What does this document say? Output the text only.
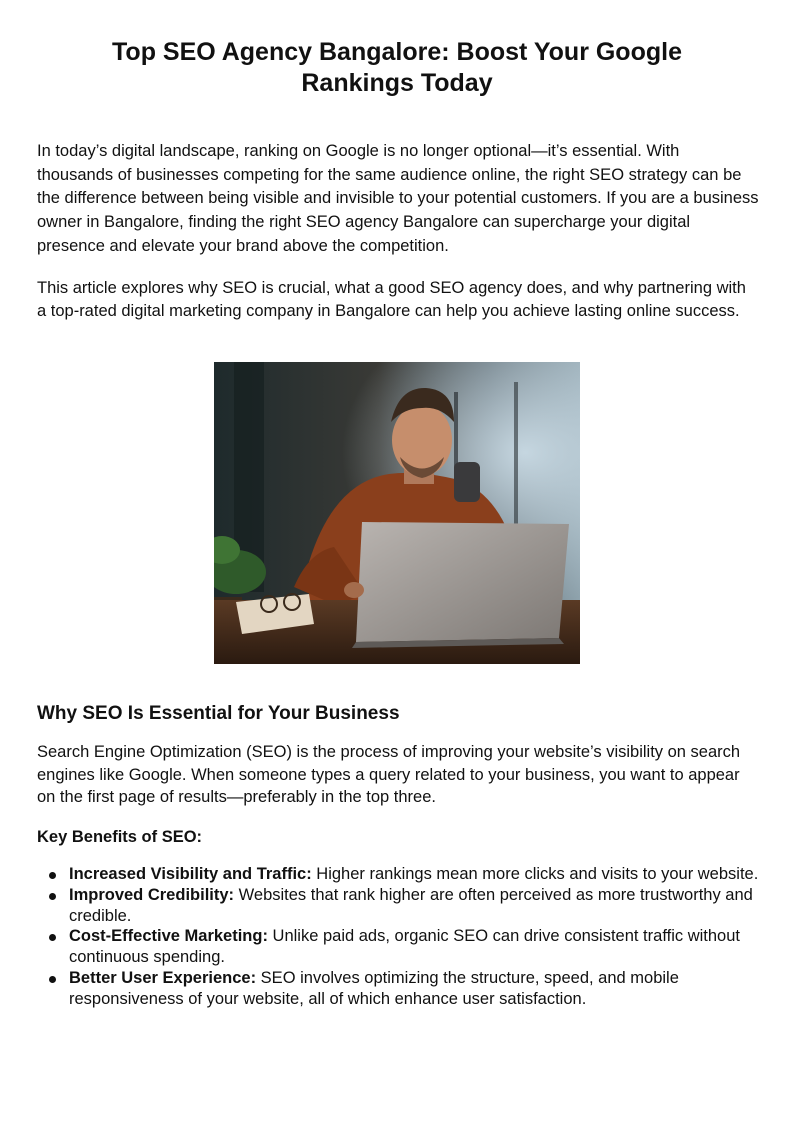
Top SEO Agency Bangalore: Boost Your Google Rankings Today

In today’s digital landscape, ranking on Google is no longer optional—it’s essential. With thousands of businesses competing for the same audience online, the right SEO strategy can be the difference between being visible and invisible to your potential customers. If you are a business owner in Bangalore, finding the right SEO agency Bangalore can supercharge your digital presence and elevate your brand above the competition.

This article explores why SEO is crucial, what a good SEO agency does, and why partnering with a top-rated digital marketing company in Bangalore can help you achieve lasting online success.

Why SEO Is Essential for Your Business

Search Engine Optimization (SEO) is the process of improving your website’s visibility on search engines like Google. When someone types a query related to your business, you want to appear on the first page of results—preferably in the top three.

Key Benefits of SEO:

Increased Visibility and Traffic: Higher rankings mean more clicks and visits to your website.
Improved Credibility: Websites that rank higher are often perceived as more trustworthy and credible.
Cost-Effective Marketing: Unlike paid ads, organic SEO can drive consistent traffic without continuous spending.
Better User Experience: SEO involves optimizing the structure, speed, and mobile responsiveness of your website, all of which enhance user satisfaction.
